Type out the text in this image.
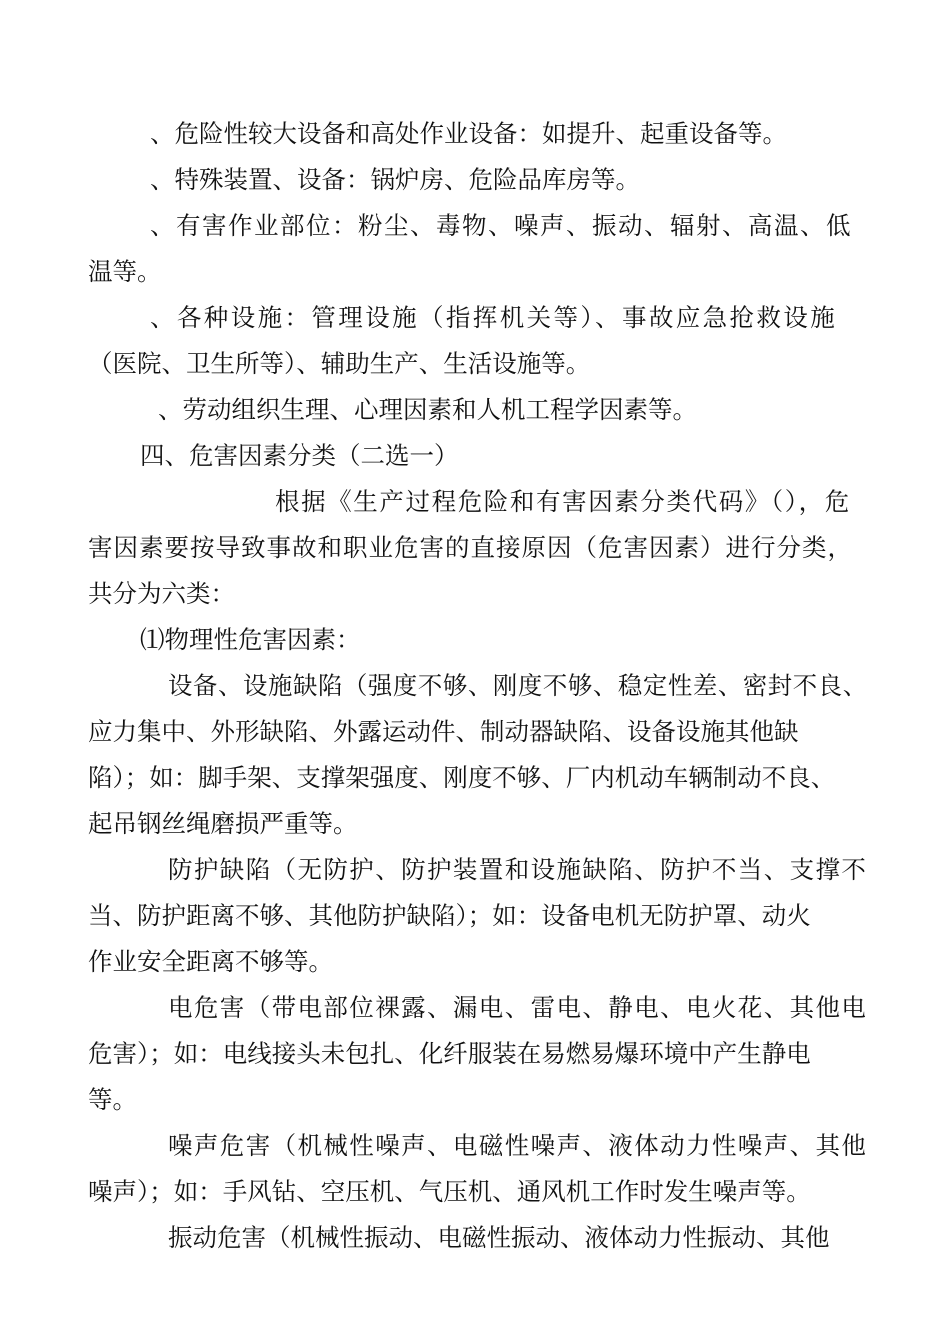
、危险性较大设备和高处作业设备：如提升、起重设备等。
、特殊装置、设备：锅炉房、危险品库房等。
、有害作业部位：粉尘、毒物、噪声、振动、辐射、高温、低
温等。
、各种设施：管理设施（指挥机关等）、事故应急抢救设施
（医院、卫生所等）、辅助生产、生活设施等。
、劳动组织生理、心理因素和人机工程学因素等。
四、危害因素分类（二选一）
根据《生产过程危险和有害因素分类代码》（），危
害因素要按导致事故和职业危害的直接原因（危害因素）进行分类，
共分为六类：
⑴物理性危害因素：
设备、设施缺陷（强度不够、刚度不够、稳定性差、密封不良、
应力集中、外形缺陷、外露运动件、制动器缺陷、设备设施其他缺
陷）；如：脚手架、支撑架强度、刚度不够、厂内机动车辆制动不良、
起吊钢丝绳磨损严重等。
防护缺陷（无防护、防护装置和设施缺陷、防护不当、支撑不
当、防护距离不够、其他防护缺陷）；如：设备电机无防护罩、动火
作业安全距离不够等。
电危害（带电部位裸露、漏电、雷电、静电、电火花、其他电
危害）；如：电线接头未包扎、化纤服装在易燃易爆环境中产生静电
等。
噪声危害（机械性噪声、电磁性噪声、液体动力性噪声、其他
噪声）；如：手风钻、空压机、气压机、通风机工作时发生噪声等。
振动危害（机械性振动、电磁性振动、液体动力性振动、其他
